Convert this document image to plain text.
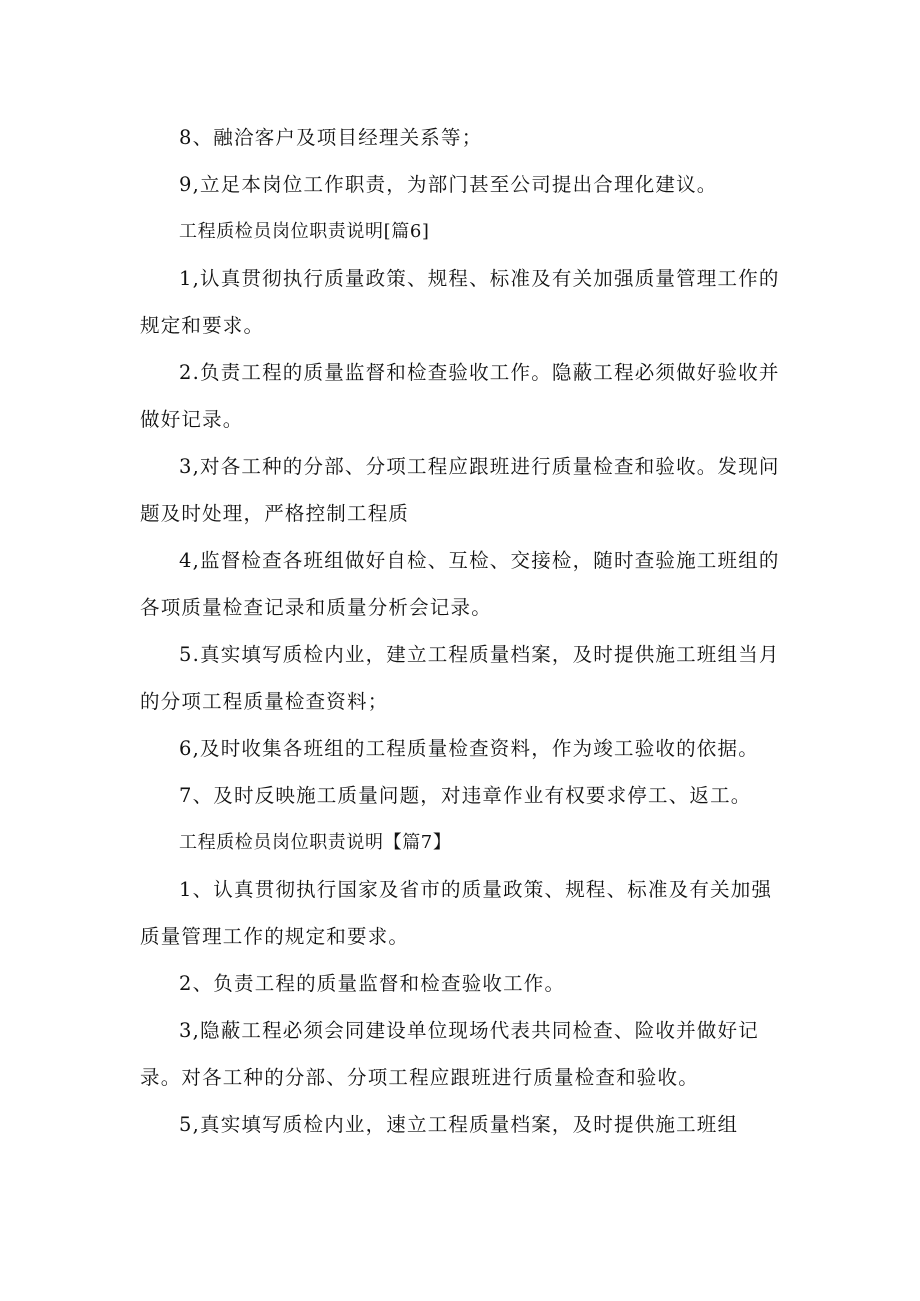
8、融洽客户及项目经理关系等；

9,立足本岗位工作职责，为部门甚至公司提出合理化建议。

工程质检员岗位职责说明[篇6]

1,认真贯彻执行质量政策、规程、标准及有关加强质量管理工作的规定和要求。

2.负责工程的质量监督和检查验收工作。隐蔽工程必须做好验收并做好记录。

3,对各工种的分部、分项工程应跟班进行质量检查和验收。发现问题及时处理，严格控制工程质

4,监督检查各班组做好自检、互检、交接检，随时查验施工班组的各项质量检查记录和质量分析会记录。

5.真实填写质检内业，建立工程质量档案，及时提供施工班组当月的分项工程质量检查资料；

6,及时收集各班组的工程质量检查资料，作为竣工验收的依据。

7、及时反映施工质量问题，对违章作业有权要求停工、返工。

工程质检员岗位职责说明【篇7】

1、认真贯彻执行国家及省市的质量政策、规程、标准及有关加强质量管理工作的规定和要求。

2、负责工程的质量监督和检查验收工作。

3,隐蔽工程必须会同建设单位现场代表共同检查、险收并做好记录。对各工种的分部、分项工程应跟班进行质量检查和验收。

5,真实填写质检内业，速立工程质量档案，及时提供施工班组
